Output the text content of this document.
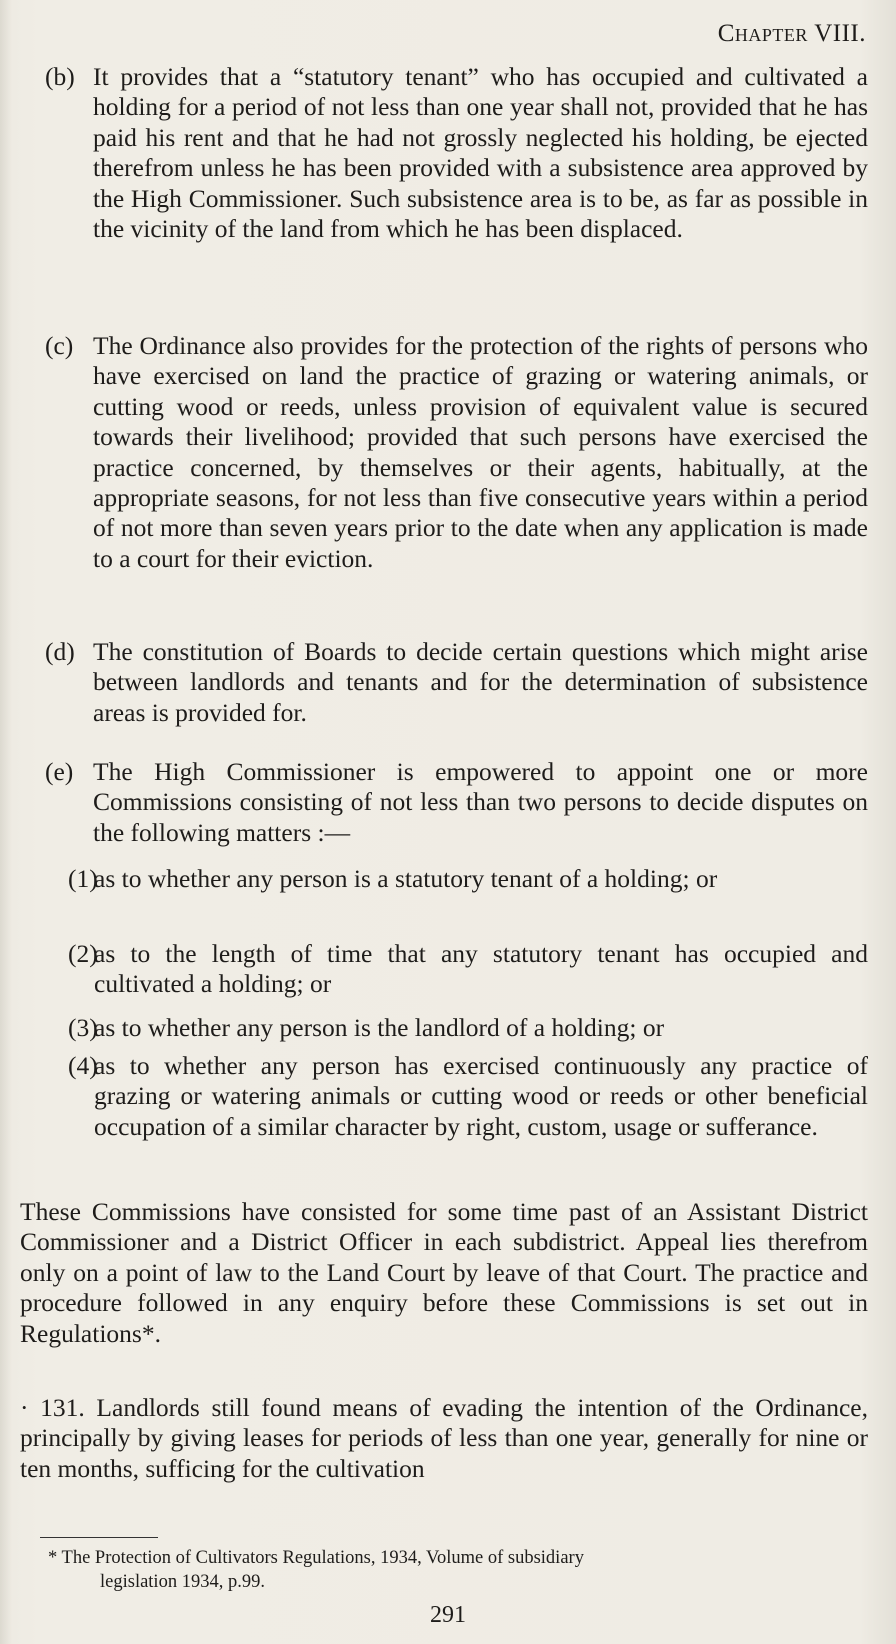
Chapter VIII.
(b) It provides that a “statutory tenant” who has occupied and cultivated a holding for a period of not less than one year shall not, provided that he has paid his rent and that he had not grossly neglected his holding, be ejected therefrom unless he has been provided with a subsistence area approved by the High Commissioner. Such subsistence area is to be, as far as possible in the vicinity of the land from which he has been displaced.
(c) The Ordinance also provides for the protection of the rights of persons who have exercised on land the practice of grazing or watering animals, or cutting wood or reeds, unless provision of equivalent value is secured towards their livelihood; provided that such persons have exercised the practice concerned, by themselves or their agents, habitually, at the appropriate seasons, for not less than five consecutive years within a period of not more than seven years prior to the date when any application is made to a court for their eviction.
(d) The constitution of Boards to decide certain questions which might arise between landlords and tenants and for the determination of subsistence areas is provided for.
(e) The High Commissioner is empowered to appoint one or more Commissions consisting of not less than two persons to decide disputes on the following matters :—
(1)
as to whether any person is a statutory tenant of a holding; or
(2)
as to the length of time that any statutory tenant has occupied and cultivated a holding; or
(3)
as to whether any person is the landlord of a holding; or
(4)
as to whether any person has exercised continuously any practice of grazing or watering animals or cutting wood or reeds or other beneficial occupation of a similar character by right, custom, usage or sufferance.
These Commissions have consisted for some time past of an Assistant District Commissioner and a District Officer in each subdistrict. Appeal lies therefrom only on a point of law to the Land Court by leave of that Court. The practice and procedure followed in any enquiry before these Commissions is set out in Regulations*.
· 131. Landlords still found means of evading the intention of the Ordinance, principally by giving leases for periods of less than one year, generally for nine or ten months, sufficing for the cultivation
* The Protection of Cultivators Regulations, 1934, Volume of subsidiary
legislation 1934, p.99.
291
